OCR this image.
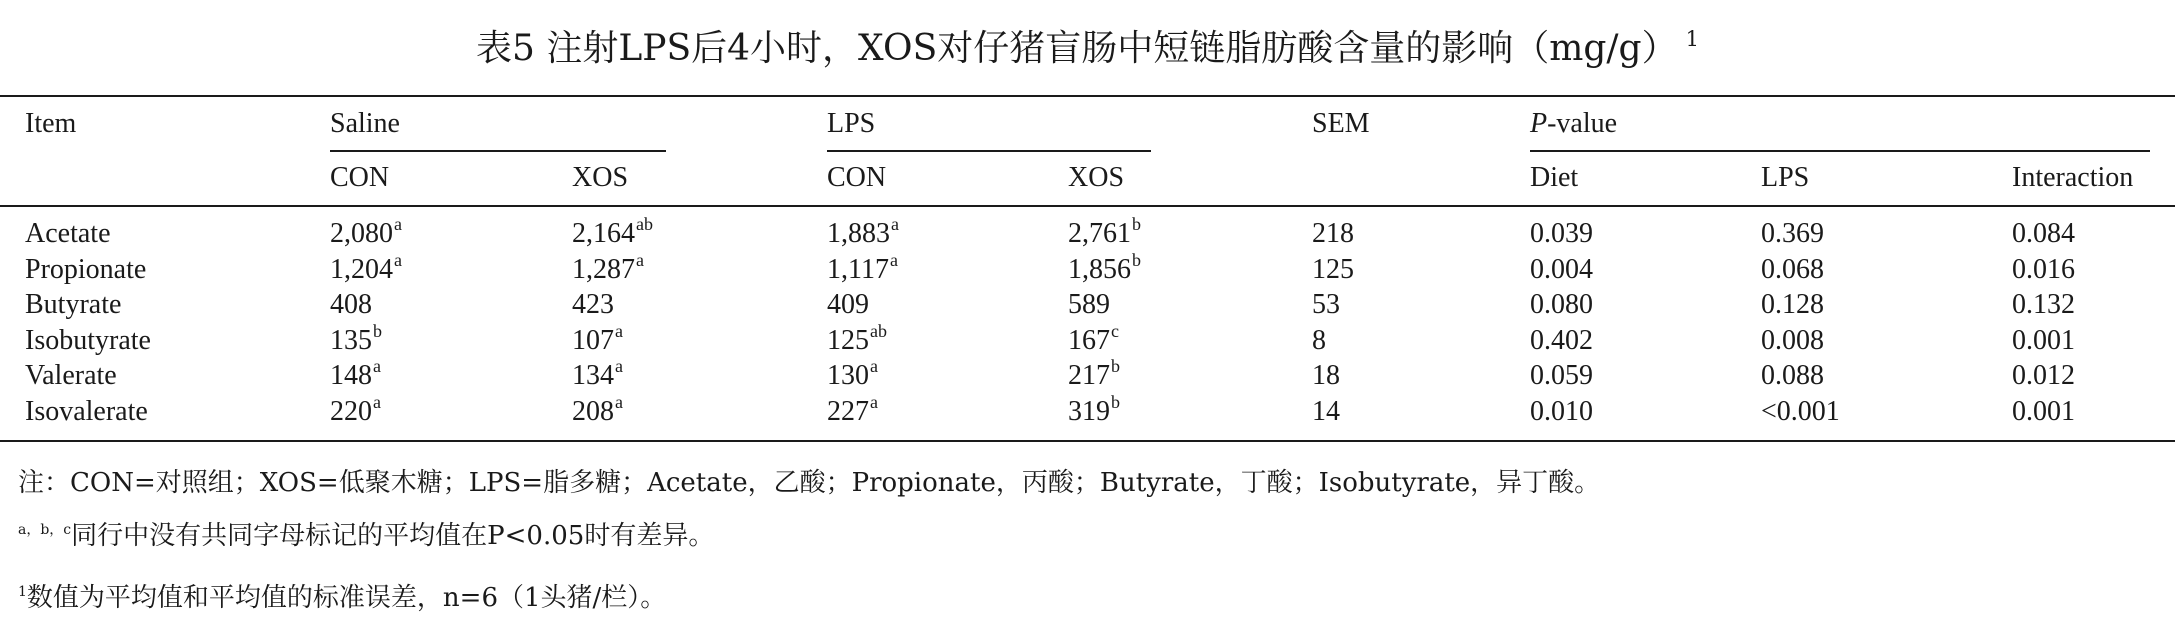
表5 注射LPS后4小时，XOS对仔猪盲肠中短链脂肪酸含量的影响（mg/g） $^1$
Item	Saline	LPS	SEM	P-value
CON	XOS	CON	XOS	Diet	LPS	Interaction
Acetate	2,080$^a$	2,164$^{ab}$	1,883$^a$	2,761$^b$	218	0.039	0.369	0.084
Propionate	1,204$^a$	1,287$^a$	1,117$^a$	1,856$^b$	125	0.004	0.068	0.016
Butyrate	408	423	409	589	53	0.080	0.128	0.132
Isobutyrate	135$^b$	107$^a$	$125^{ab}$	167$^c$	8	0.402	0.008	0.001
Valerate	148$^a$	134$^a$	130$^a$	217$^b$	18	0.059	0.088	0.012
Isovalerate	220$^a$	208$^a$	227$^a$	319$^b$	14	0.010	<0.001	0.001
注：CON=对照组；XOS=低聚木糖；LPS=脂多糖；Acetate，乙酸；Propionate，丙酸；Butyrate，丁酸；Isobutyrate，异丁酸。
$^{a,b,c}$同行中没有共同字母标记的平均值在P<0.05时有差异。
$^1$数值为平均值和平均值的标准误差，n=6（1头猪/栏）。
